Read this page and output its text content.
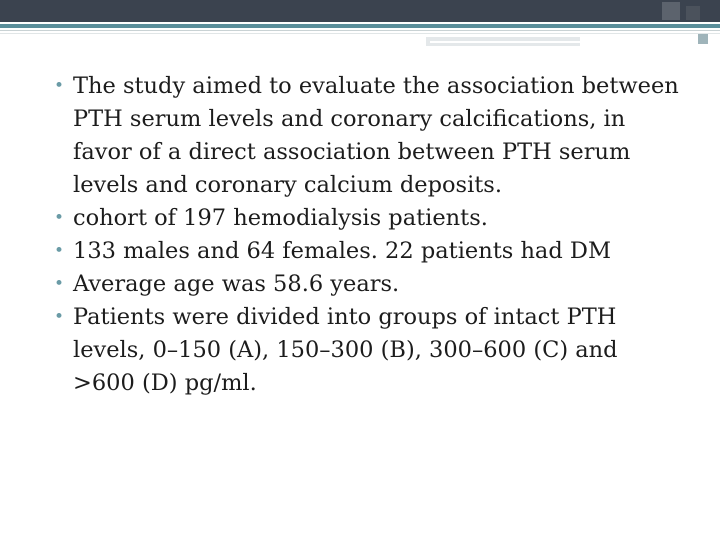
• The study aimed to evaluate the association between PTH serum levels and coronary calcifications, in favor of a direct association between PTH serum levels and coronary calcium deposits.
• cohort of 197 hemodialysis patients.
• 133 males and 64 females. 22 patients had DM
• Average age was 58.6 years.
• Patients were divided into groups of intact PTH levels, 0–150 (A), 150–300 (B), 300–600 (C) and >600 (D) pg/ml.
